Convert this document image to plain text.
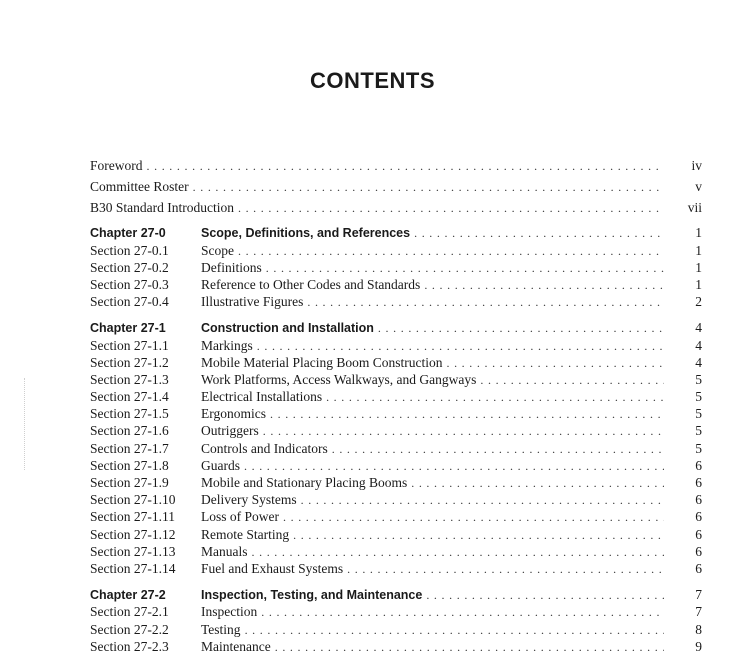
CONTENTS
Foreword . . .	iv
Committee Roster . . .	v
B30 Standard Introduction . . .	vii
Chapter 27-0	Scope, Definitions, and References . . .	1
Section 27-0.1	Scope . . .	1
Section 27-0.2	Definitions . . .	1
Section 27-0.3	Reference to Other Codes and Standards . . .	1
Section 27-0.4	Illustrative Figures . . .	2
Chapter 27-1	Construction and Installation . . .	4
Section 27-1.1	Markings . . .	4
Section 27-1.2	Mobile Material Placing Boom Construction . . .	4
Section 27-1.3	Work Platforms, Access Walkways, and Gangways . . .	5
Section 27-1.4	Electrical Installations . . .	5
Section 27-1.5	Ergonomics . . .	5
Section 27-1.6	Outriggers . . .	5
Section 27-1.7	Controls and Indicators . . .	5
Section 27-1.8	Guards . . .	6
Section 27-1.9	Mobile and Stationary Placing Booms . . .	6
Section 27-1.10	Delivery Systems . . .	6
Section 27-1.11	Loss of Power . . .	6
Section 27-1.12	Remote Starting . . .	6
Section 27-1.13	Manuals . . .	6
Section 27-1.14	Fuel and Exhaust Systems . . .	6
Chapter 27-2	Inspection, Testing, and Maintenance . . .	7
Section 27-2.1	Inspection . . .	7
Section 27-2.2	Testing . . .	8
Section 27-2.3	Maintenance . . .	9
